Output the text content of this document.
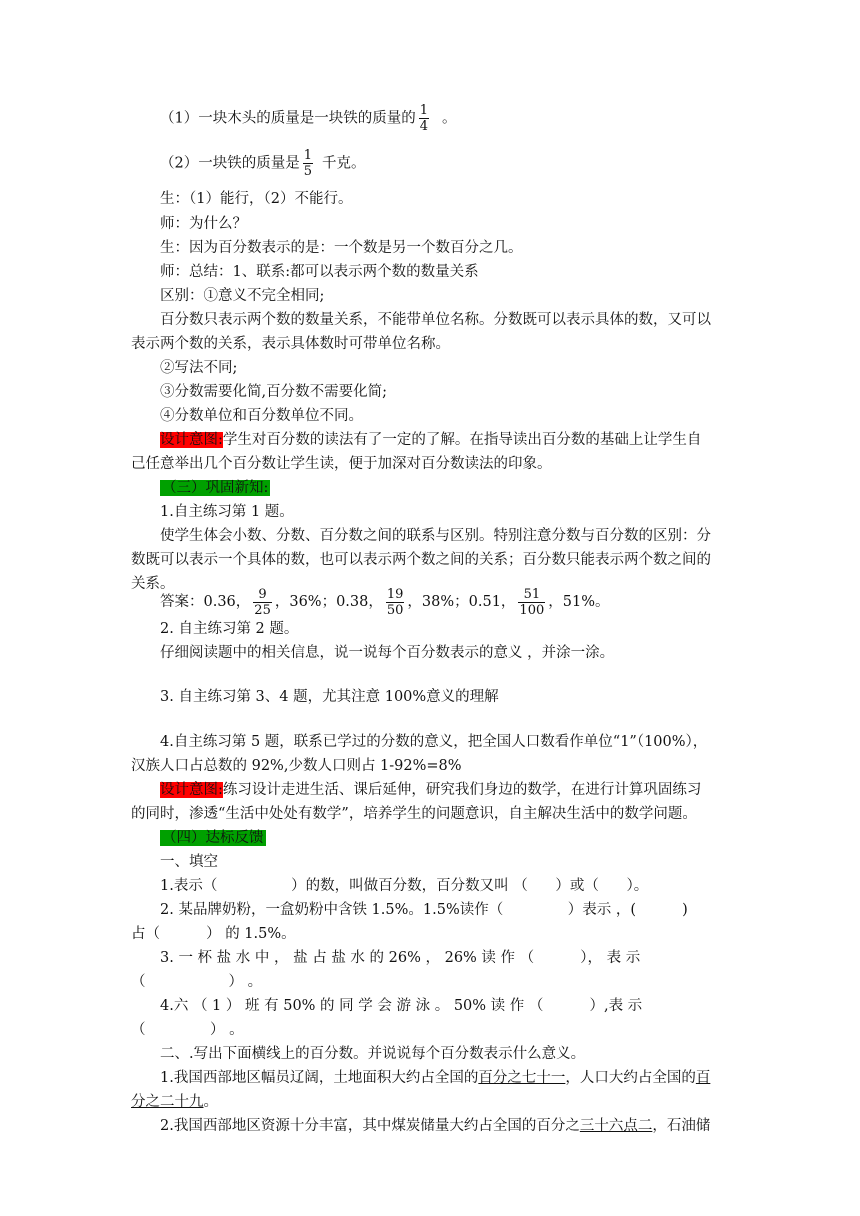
（1）一块木头的质量是一块铁的质量的 $\frac{1}{4}$ 。
（2）一块铁的质量是 $\frac{1}{5}$ 千克。
生：（1）能行，（2）不能行。
师：为什么？
生：因为百分数表示的是：一个数是另一个数百分之几。
师：总结：1、联系:都可以表示两个数的数量关系
区别：①意义不完全相同;
百分数只表示两个数的数量关系，不能带单位名称。分数既可以表示具体的数，又可以
表示两个数的关系，表示具体数时可带单位名称。
②写法不同;
③分数需要化简,百分数不需要化简;
④分数单位和百分数单位不同。
设计意图:学生对百分数的读法有了一定的了解。在指导读出百分数的基础上让学生自
己任意举出几个百分数让学生读，便于加深对百分数读法的印象。
（三）巩固新知:
1.自主练习第 1 题。
使学生体会小数、分数、百分数之间的联系与区别。特别注意分数与百分数的区别：分
数既可以表示一个具体的数，也可以表示两个数之间的关系；百分数只能表示两个数之间的
关系。
答案：0.36， $\frac{9}{25}$ ，36%；0.38， $\frac{19}{50}$ ，38%；0.51， $\frac{51}{100}$ ，51%。
2. 自主练习第 2 题。
仔细阅读题中的相关信息，说一说每个百分数表示的意义 ，并涂一涂。
3. 自主练习第 3、4 题，尤其注意 100%意义的理解
4.自主练习第 5 题，联系已学过的分数的意义，把全国人口数看作单位“1”（100%），
汉族人口占总数的 92%,少数人口则占 1-92%=8%
设计意图:练习设计走进生活、课后延伸，研究我们身边的数学，在进行计算巩固练习
的同时，渗透“生活中处处有数学”，培养学生的问题意识，自主解决生活中的数学问题。
（四）达标反馈
一、填空
1.表示（                ）的数，叫做百分数，百分数又叫 （      ）或（      ）。
2. 某品牌奶粉，一盒奶粉中含铁 1.5%。1.5%读作（              ）表示 ，(          )
占（          ） 的 1.5%。
3. 一 杯 盐 水 中 ， 盐 占 盐 水 的 26% ， 26% 读 作 （          ）， 表 示
（                  ） 。
4.六 （ 1 ） 班 有 50% 的 同 学 会 游 泳 。 50% 读 作 （          ）,表 示
（              ） 。
二、.写出下面横线上的百分数。并说说每个百分数表示什么意义。
1.我国西部地区幅员辽阔，土地面积大约占全国的百分之七十一，人口大约占全国的百
分之二十九。
2.我国西部地区资源十分丰富，其中煤炭储量大约占全国的百分之三十六点二，石油储
